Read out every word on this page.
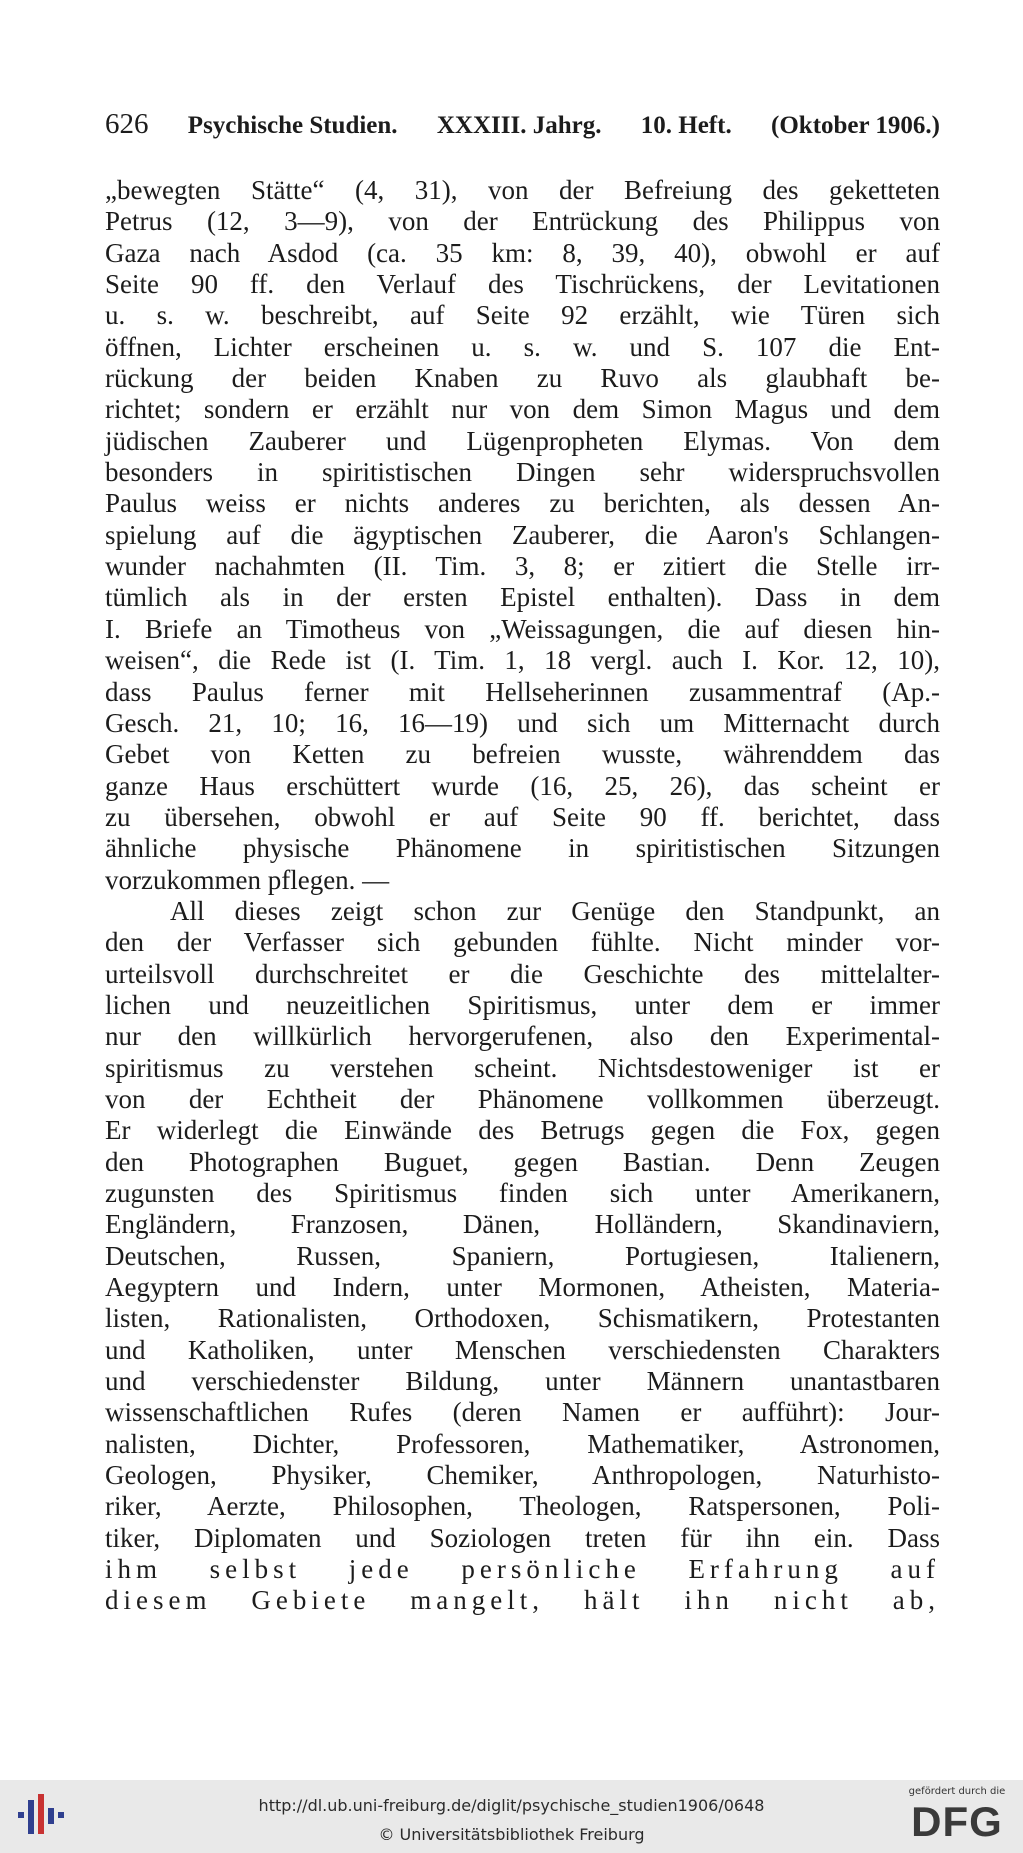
626 Psychische Studien. XXXIII. Jahrg. 10. Heft. (Oktober 1906.)
„bewegten Stätte“ (4, 31), von der Befreiung des geketteten
Petrus (12, 3—9), von der Entrückung des Philippus von
Gaza nach Asdod (ca. 35 km: 8, 39, 40), obwohl er auf
Seite 90 ff. den Verlauf des Tischrückens, der Levitationen
u. s. w. beschreibt, auf Seite 92 erzählt, wie Türen sich
öffnen, Lichter erscheinen u. s. w. und S. 107 die Ent-
rückung der beiden Knaben zu Ruvo als glaubhaft be-
richtet; sondern er erzählt nur von dem Simon Magus und dem
jüdischen Zauberer und Lügenpropheten Elymas. Von dem
besonders in spiritistischen Dingen sehr widerspruchsvollen
Paulus weiss er nichts anderes zu berichten, als dessen An-
spielung auf die ägyptischen Zauberer, die Aaron's Schlangen-
wunder nachahmten (II. Tim. 3, 8; er zitiert die Stelle irr-
tümlich als in der ersten Epistel enthalten). Dass in dem
I. Briefe an Timotheus von „Weissagungen, die auf diesen hin-
weisen“, die Rede ist (I. Tim. 1, 18 vergl. auch I. Kor. 12, 10),
dass Paulus ferner mit Hellseherinnen zusammentraf (Ap.-
Gesch. 21, 10; 16, 16—19) und sich um Mitternacht durch
Gebet von Ketten zu befreien wusste, währenddem das
ganze Haus erschüttert wurde (16, 25, 26), das scheint er
zu übersehen, obwohl er auf Seite 90 ff. berichtet, dass
ähnliche physische Phänomene in spiritistischen Sitzungen
vorzukommen pflegen. —
All dieses zeigt schon zur Genüge den Standpunkt, an
den der Verfasser sich gebunden fühlte. Nicht minder vor-
urteilsvoll durchschreitet er die Geschichte des mittelalter-
lichen und neuzeitlichen Spiritismus, unter dem er immer
nur den willkürlich hervorgerufenen, also den Experimental-
spiritismus zu verstehen scheint. Nichtsdestoweniger ist er
von der Echtheit der Phänomene vollkommen überzeugt.
Er widerlegt die Einwände des Betrugs gegen die Fox, gegen
den Photographen Buguet, gegen Bastian. Denn Zeugen
zugunsten des Spiritismus finden sich unter Amerikanern,
Engländern, Franzosen, Dänen, Holländern, Skandinaviern,
Deutschen, Russen, Spaniern, Portugiesen, Italienern,
Aegyptern und Indern, unter Mormonen, Atheisten, Materia-
listen, Rationalisten, Orthodoxen, Schismatikern, Protestanten
und Katholiken, unter Menschen verschiedensten Charakters
und verschiedenster Bildung, unter Männern unantastbaren
wissenschaftlichen Rufes (deren Namen er aufführt): Jour-
nalisten, Dichter, Professoren, Mathematiker, Astronomen,
Geologen, Physiker, Chemiker, Anthropologen, Naturhisto-
riker, Aerzte, Philosophen, Theologen, Ratspersonen, Poli-
tiker, Diplomaten und Soziologen treten für ihn ein. Dass
ihm selbst jede persönliche Erfahrung auf
diesem Gebiete mangelt, hält ihn nicht ab,
http://dl.ub.uni-freiburg.de/diglit/psychische_studien1906/0648
© Universitätsbibliothek Freiburg
gefördert durch die
DFG
